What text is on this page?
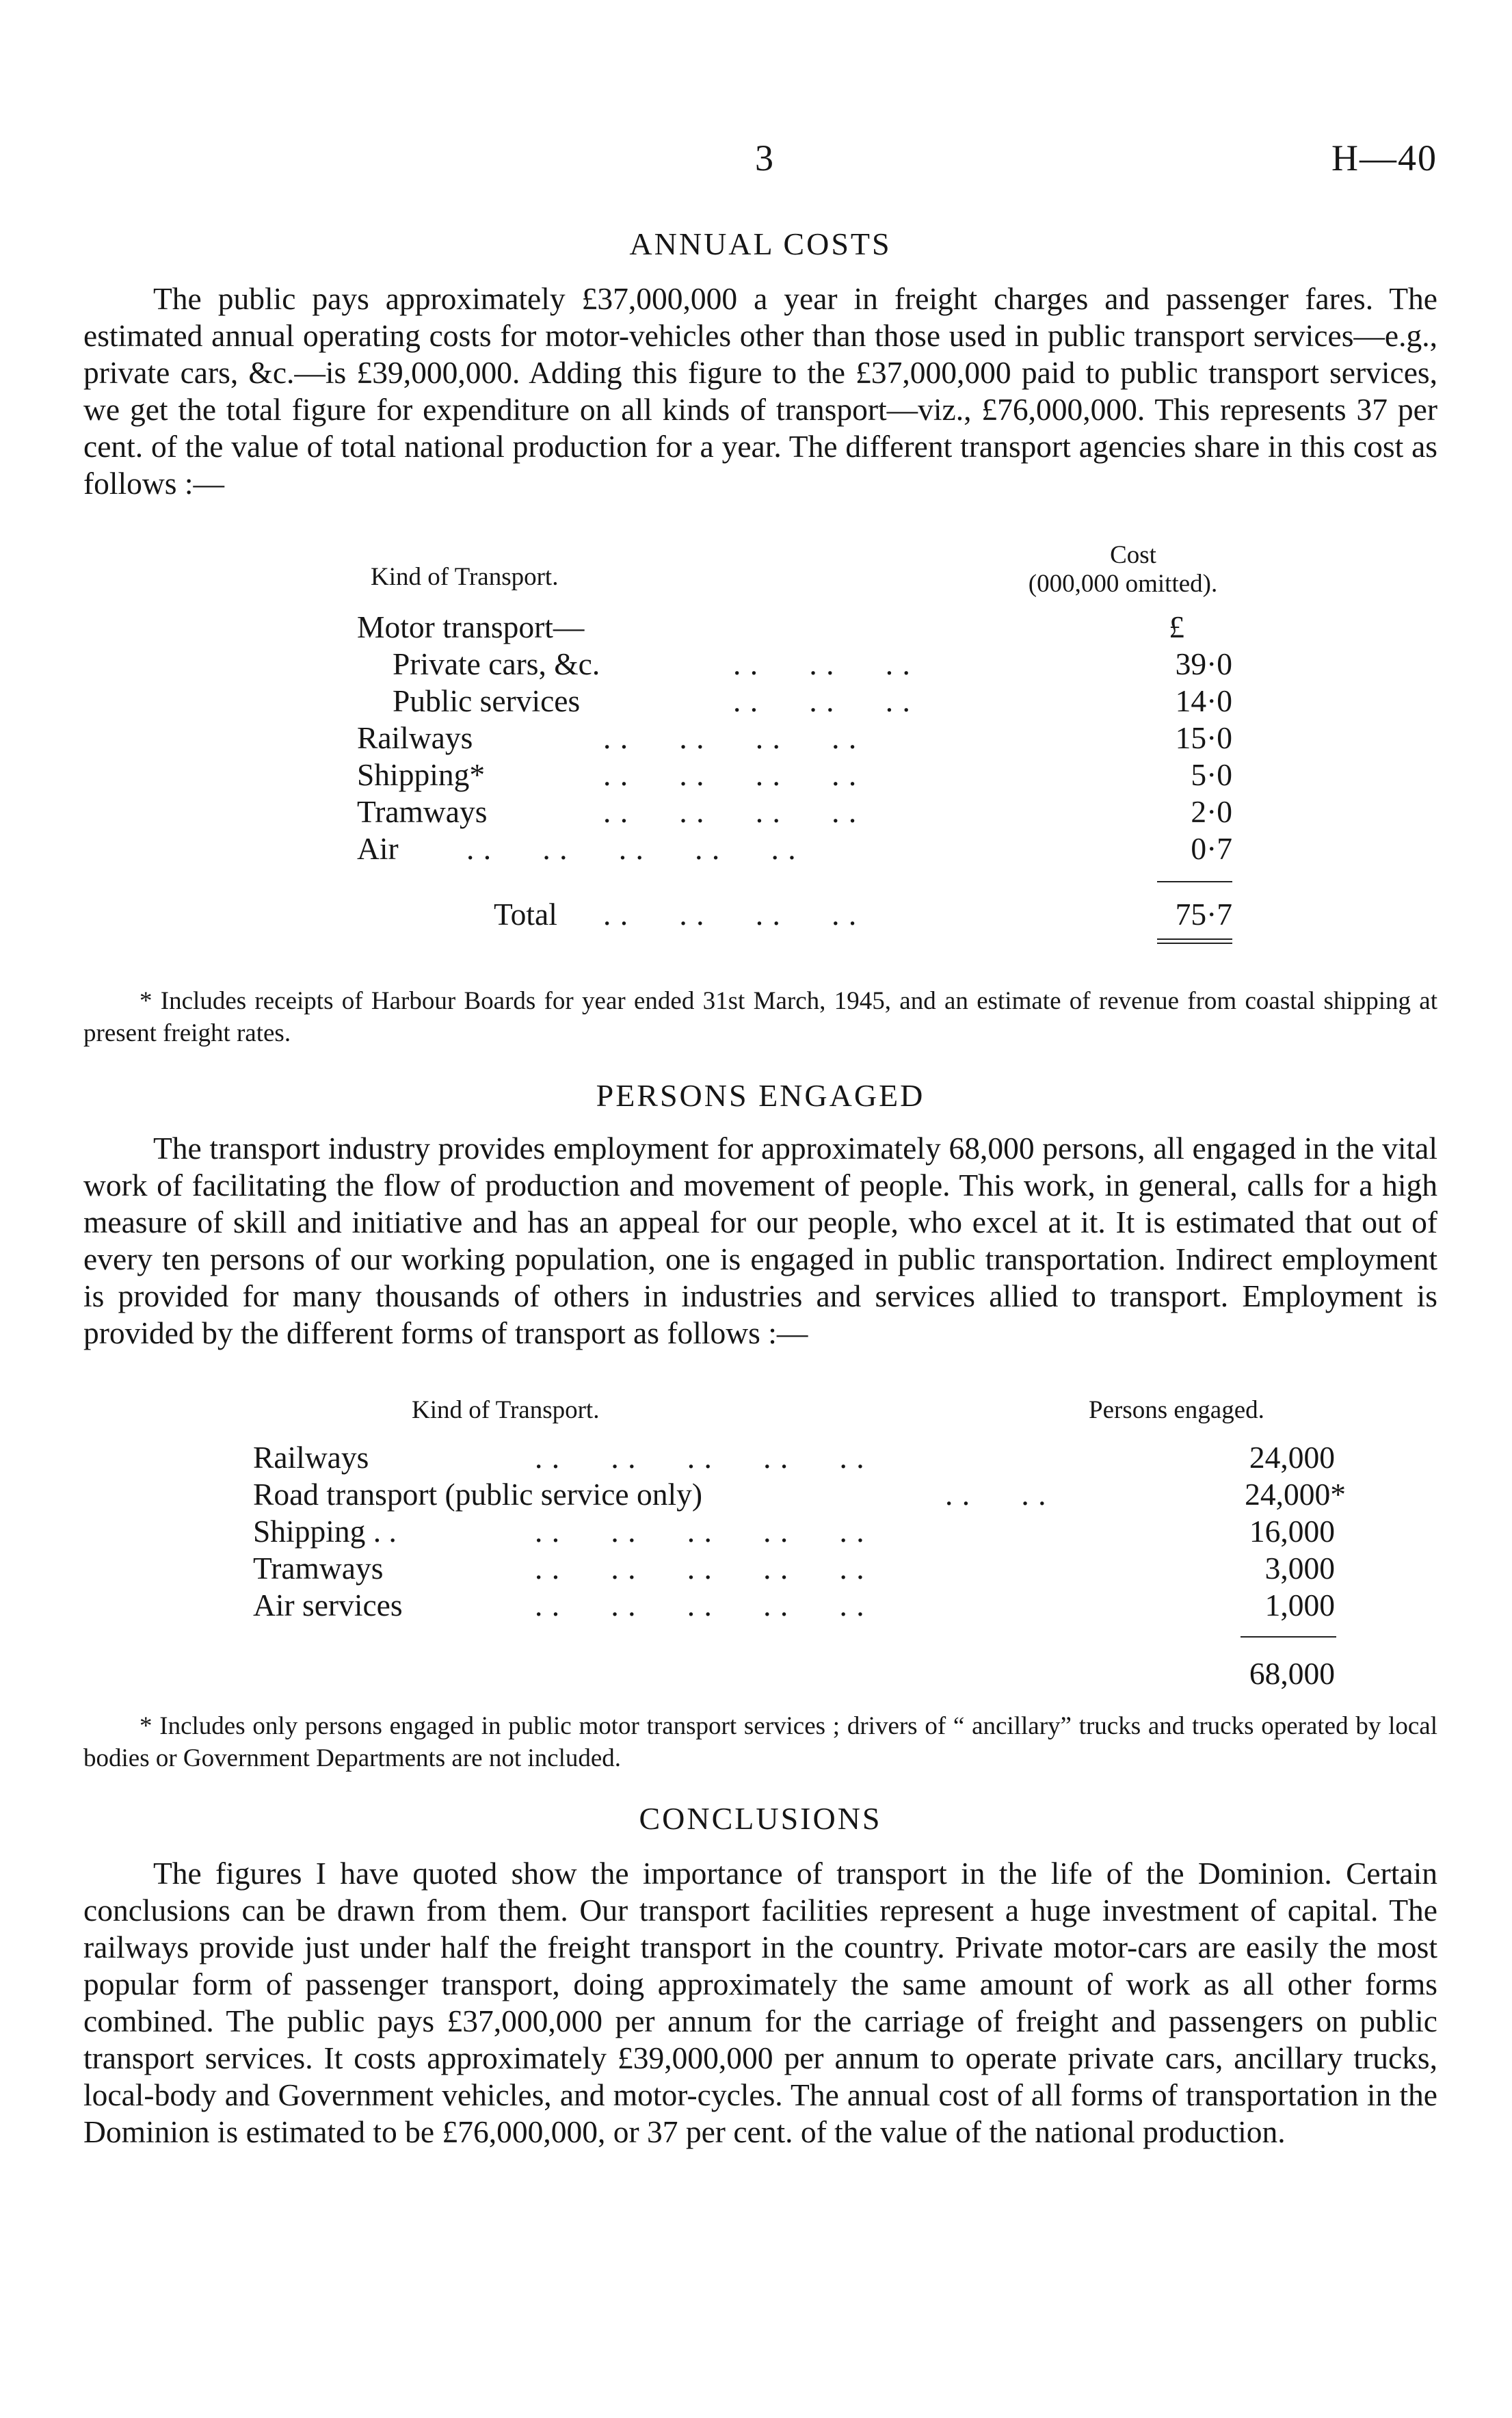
3	H—40
ANNUAL COSTS

The public pays approximately £37,000,000 a year in freight charges and passenger fares. The estimated annual operating costs for motor-vehicles other than those used in public transport services—e.g., private cars, &c.—is £39,000,000. Adding this figure to the £37,000,000 paid to public transport services, we get the total figure for expenditure on all kinds of transport—viz., £76,000,000. This represents 37 per cent. of the value of total national production for a year. The different transport agencies share in this cost as follows :—

Kind of Transport.
Cost
(000,000 omitted).
Motor transport—	£
Private cars, &c.	. .      . .      . .	39·0
Public services	. .      . .      . .	14·0
Railways	. .      . .      . .      . .	15·0
Shipping*	. .      . .      . .      . .	5·0
Tramways	. .      . .      . .      . .	2·0
Air . .      . .      . .      . .      . .	0·7
Total . .      . .      . .      . .	75·7

* Includes receipts of Harbour Boards for year ended 31st March, 1945, and an estimate of revenue from coastal shipping at present freight rates.

PERSONS ENGAGED

The transport industry provides employment for approximately 68,000 persons, all engaged in the vital work of facilitating the flow of production and movement of people. This work, in general, calls for a high measure of skill and initiative and has an appeal for our people, who excel at it. It is estimated that out of every ten persons of our working population, one is engaged in public transportation. Indirect employment is provided for many thousands of others in industries and services allied to transport. Employment is provided by the different forms of transport as follows :—

Kind of Transport.	Persons engaged.
Railways	. .      . .      . .      . .      . .	24,000
Road transport (public service only)	. .      . .	24,000*
Shipping . .	. .      . .      . .      . .      . .	16,000
Tramways	. .      . .      . .      . .      . .	3,000
Air services	. .      . .      . .      . .      . .	1,000
68,000

* Includes only persons engaged in public motor transport services ; drivers of “ ancillary” trucks and trucks operated by local bodies or Government Departments are not included.

CONCLUSIONS

The figures I have quoted show the importance of transport in the life of the Dominion. Certain conclusions can be drawn from them. Our transport facilities represent a huge investment of capital. The railways provide just under half the freight transport in the country. Private motor-cars are easily the most popular form of passenger transport, doing approximately the same amount of work as all other forms combined. The public pays £37,000,000 per annum for the carriage of freight and passengers on public transport services. It costs approximately £39,000,000 per annum to operate private cars, ancillary trucks, local-body and Government vehicles, and motor-cycles. The annual cost of all forms of transportation in the Dominion is estimated to be £76,000,000, or 37 per cent. of the value of the national production.
